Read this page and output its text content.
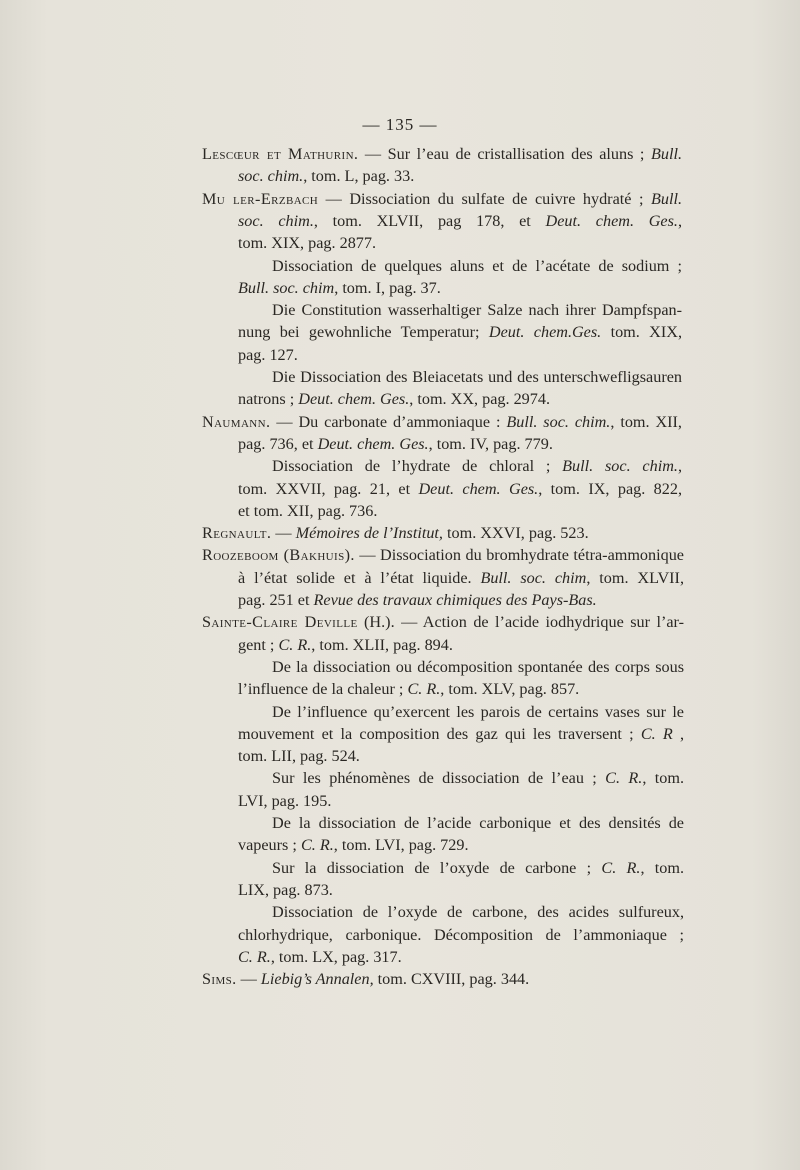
— 135 —
Lescœur et Mathurin. — Sur l’eau de cristallisation des aluns ; Bull.
soc. chim., tom. L, pag. 33.
Mu ler-Erzbach — Dissociation du sulfate de cuivre hydraté ; Bull.
soc. chim., tom. XLVII, pag 178, et Deut. chem. Ges.,
tom. XIX, pag. 2877.
Dissociation de quelques aluns et de l’acétate de sodium ;
Bull. soc. chim, tom. I, pag. 37.
Die Constitution wasserhaltiger Salze nach ihrer Dampfspan-
nung bei gewohnliche Temperatur; Deut. chem.Ges. tom. XIX,
pag. 127.
Die Dissociation des Bleiacetats und des unterschwefligsauren
natrons ; Deut. chem. Ges., tom. XX, pag. 2974.
Naumann. — Du carbonate d’ammoniaque : Bull. soc. chim., tom. XII,
pag. 736, et Deut. chem. Ges., tom. IV, pag. 779.
Dissociation de l’hydrate de chloral ; Bull. soc. chim.,
tom. XXVII, pag. 21, et Deut. chem. Ges., tom. IX, pag. 822,
et tom. XII, pag. 736.
Regnault. — Mémoires de l’Institut, tom. XXVI, pag. 523.
Roozeboom (Bakhuis). — Dissociation du bromhydrate tétra-ammonique
à l’état solide et à l’état liquide. Bull. soc. chim, tom. XLVII,
pag. 251 et Revue des travaux chimiques des Pays-Bas.
Sainte-Claire Deville (H.). — Action de l’acide iodhydrique sur l’ar-
gent ; C. R., tom. XLII, pag. 894.
De la dissociation ou décomposition spontanée des corps sous
l’influence de la chaleur ; C. R., tom. XLV, pag. 857.
De l’influence qu’exercent les parois de certains vases sur le
mouvement et la composition des gaz qui les traversent ; C. R ,
tom. LII, pag. 524.
Sur les phénomènes de dissociation de l’eau ; C. R., tom.
LVI, pag. 195.
De la dissociation de l’acide carbonique et des densités de
vapeurs ; C. R., tom. LVI, pag. 729.
Sur la dissociation de l’oxyde de carbone ; C. R., tom.
LIX, pag. 873.
Dissociation de l’oxyde de carbone, des acides sulfureux,
chlorhydrique, carbonique. Décomposition de l’ammoniaque ;
C. R., tom. LX, pag. 317.
Sims. — Liebig’s Annalen, tom. CXVIII, pag. 344.
